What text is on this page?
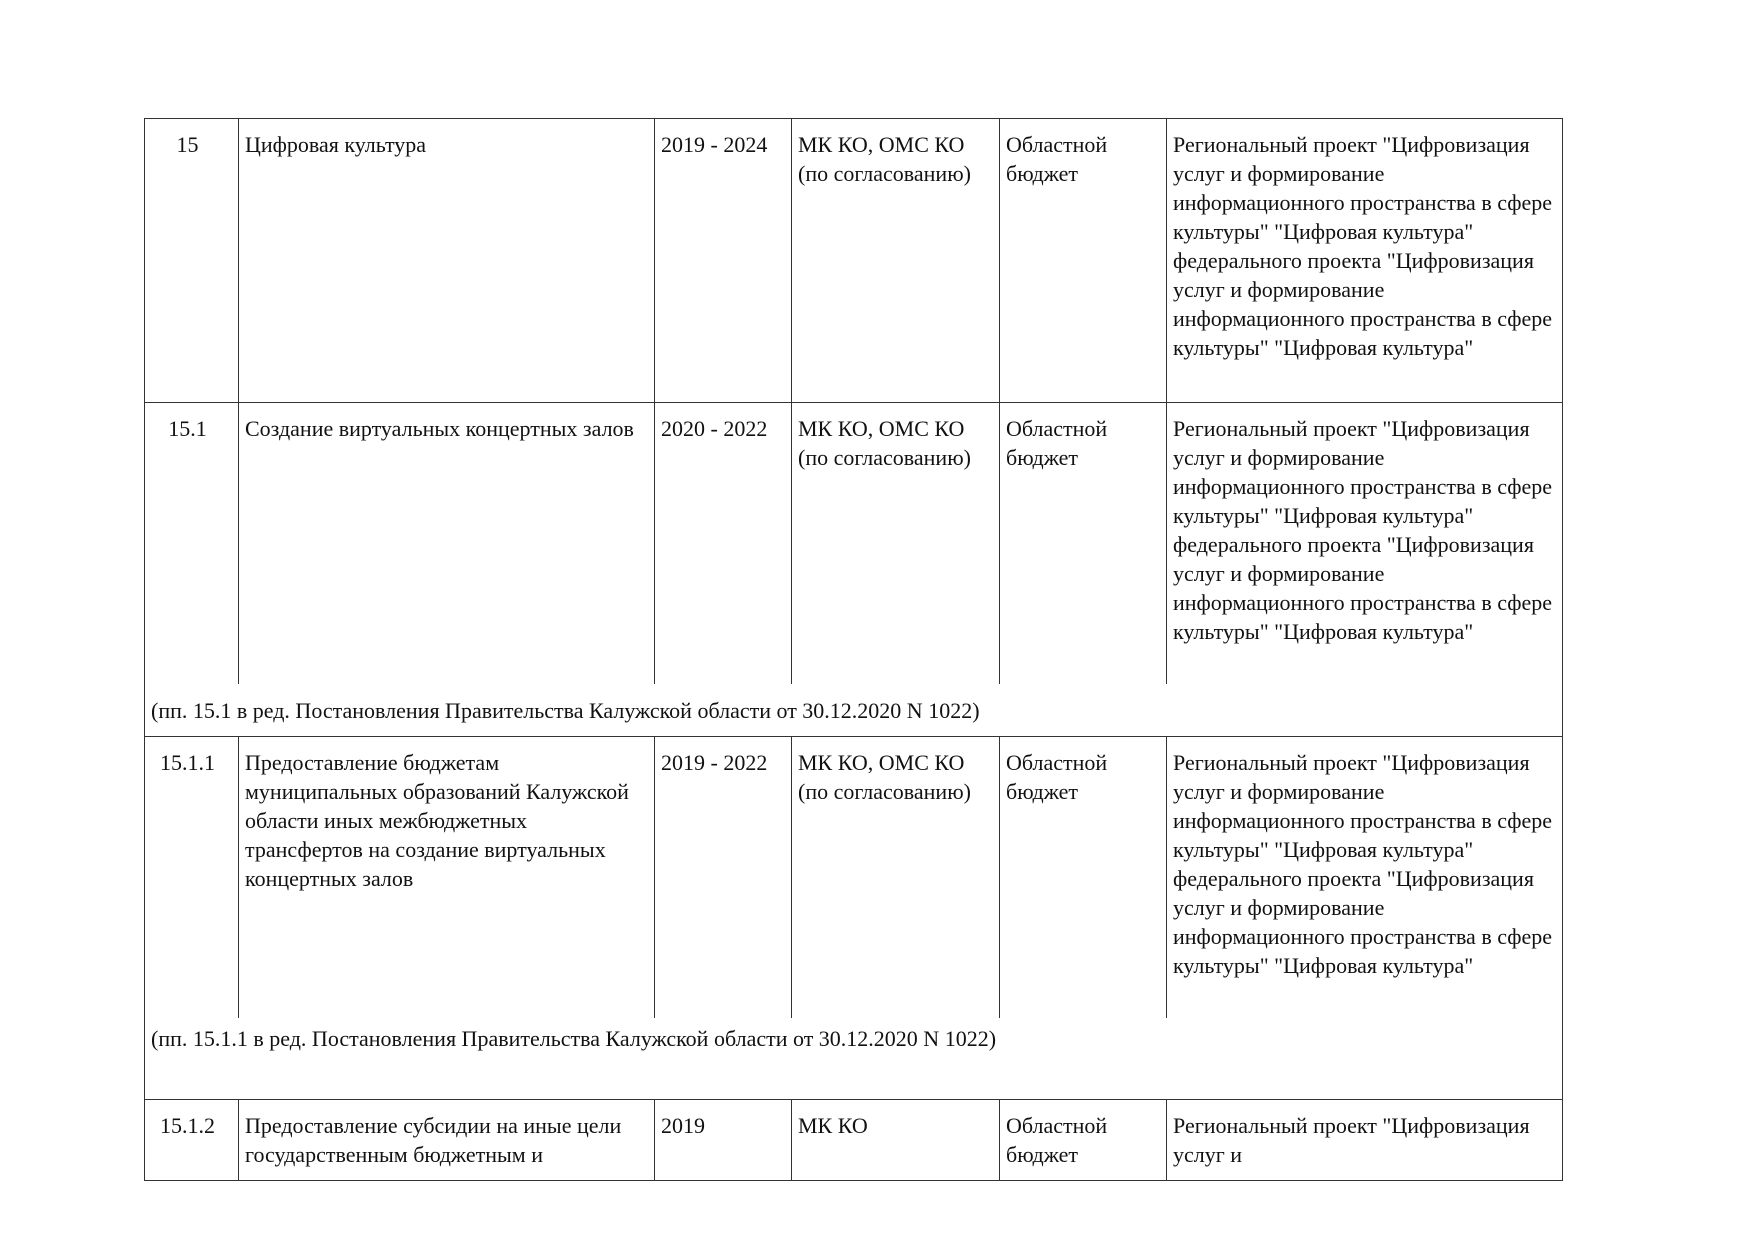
15	Цифровая культура	2019 - 2024	МК КО, ОМС КО (по согласованию)	Областной бюджет	Региональный проект "Цифровизация услуг и формирование информационного пространства в сфере культуры" "Цифровая культура" федерального проекта "Цифровизация услуг и формирование информационного пространства в сфере культуры" "Цифровая культура"

15.1	Создание виртуальных концертных залов	2020 - 2022	МК КО, ОМС КО (по согласованию)	Областной бюджет	Региональный проект "Цифровизация услуг и формирование информационного пространства в сфере культуры" "Цифровая культура" федерального проекта "Цифровизация услуг и формирование информационного пространства в сфере культуры" "Цифровая культура"

(пп. 15.1 в ред. Постановления Правительства Калужской области от 30.12.2020 N 1022)					

15.1.1	Предоставление бюджетам муниципальных образований Калужской области иных межбюджетных трансфертов на создание виртуальных концертных залов	2019 - 2022	МК КО, ОМС КО (по согласованию)	Областной бюджет	Региональный проект "Цифровизация услуг и формирование информационного пространства в сфере культуры" "Цифровая культура" федерального проекта "Цифровизация услуг и формирование информационного пространства в сфере культуры" "Цифровая культура"

(пп. 15.1.1 в ред. Постановления Правительства Калужской области от 30.12.2020 N 1022)					

15.1.2	Предоставление субсидии на иные цели государственным бюджетным и	2019	МК КО	Областной бюджет	Региональный проект "Цифровизация услуг и
